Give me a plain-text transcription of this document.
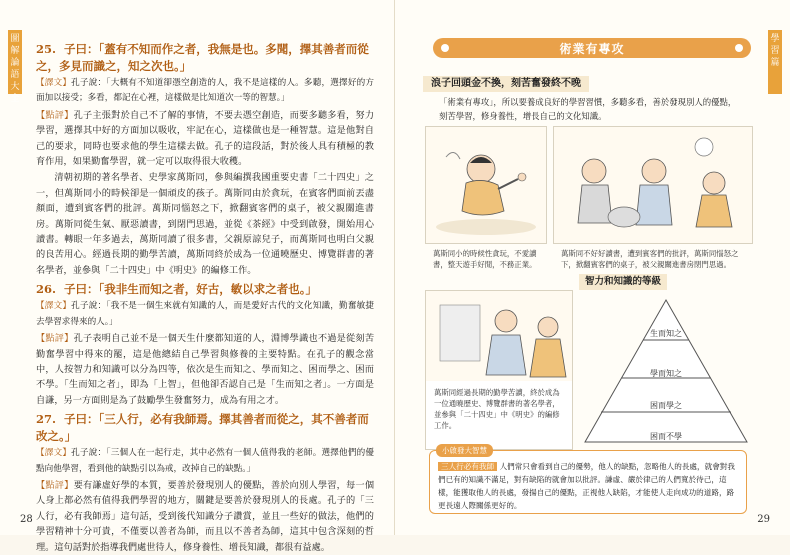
圖
解
論
語
大
全
25. 子曰：「蓋有不知而作之者，我無是也。多聞，擇其善者而從之，多見而識之，知之次也。」
【譯文】孔子說：「大概有不知道卻憑空創造的人，我不是這樣的人。多聽，選擇好的方面加以接受；多看，都記在心裡，這樣做是比知道次一等的智慧。」
【點評】孔子主張對於自己不了解的事情，不要去憑空創造，而要多聽多看，努力學習，選擇其中好的方面加以吸收，牢記在心，這樣做也是一種智慧。這是他對自己的要求，同時也要求他的學生這樣去做。孔子的這段話，對於後人具有積極的教育作用，如果勤奮學習，就一定可以取得很大收穫。
清朝初期的著名學者、史學家萬斯同，參與編撰我國重要史書「二十四史」之一，但萬斯同小的時候卻是一個頑皮的孩子。萬斯同由於貪玩，在賓客們面前丟盡顏面，遭到賓客們的批評。萬斯同惱怒之下，掀翻賓客們的桌子，被父親關進書房。萬斯同從生氣、厭惡讀書，到閉門思過，並從《茶經》中受到啟發，開始用心讀書。轉眼一年多過去，萬斯同讀了很多書，父親原諒兒子，而萬斯同也明白父親的良苦用心。經過長期的勤學苦讀，萬斯同終於成為一位通曉歷史、博覽群書的著名學者，並參與「二十四史」中《明史》的編修工作。
26. 子曰：「我非生而知之者，好古，敏以求之者也。」
【譯文】孔子說：「我不是一個生來就有知識的人，而是愛好古代的文化知識，勤奮敏捷去學習求得來的人。」
【點評】孔子表明自己並不是一個天生什麼都知道的人，淵博學識也不過是從刻苦勤奮學習中得來的罷，這是他總結自己學習與修養的主要特點。在孔子的觀念當中，人按智力和知識可以分為四等，依次是生而知之、學而知之、困而學之、困而不學。「生而知之者」，即為「上智」，但他卻否認自己是「生而知之者」。一方面是自謙，另一方面則是為了鼓勵學生發奮努力，成為有用之才。
27. 子曰：「三人行，必有我師焉。擇其善者而從之，其不善者而改之。」
【譯文】孔子說：「三個人在一起行走，其中必然有一個人值得我的老師。選擇他們的優點向他學習，看到他的缺點引以為戒，改掉自己的缺點。」
【點評】要有謙虛好學的本質，要善於發現別人的優點，善於向別人學習，每一個人身上都必然有值得我們學習的地方，關鍵是要善於發現別人的長處。孔子的「三人行，必有我師焉」這句話，受到後代知識分子讚賞，並且一些好的做法，他們的學習精神十分可貴，不僅要以善者為師，而且以不善者為師，這其中包含深刻的哲理。這句話對於指導我們處世待人，修身養性、增長知識，都很有益處。
28
學
習
篇
術業有專攻
浪子回頭金不換，刻苦奮發終不晚
「術業有專攻」，所以要養成良好的學習習慣，多聽多看，善於發現別人的優點，刻苦學習，修身養性，增長自己的文化知識。
萬斯同小的時候性貪玩，不愛讀書，整天遊手好閒，不務正業。
萬斯同不好好讀書，遭到賓客們的批評，萬斯同惱怒之下，掀翻賓客們的桌子，被父親關進書房閉門思過。
萬斯同經過長期的勤學苦讀，終於成為一位通曉歷史、博覽群書的著名學者，並參與「二十四史」中《明史》的編修工作。
智力和知識的等級
生而知之
學而知之
困而學之
困而不學
小啟發大智慧
三人行必有我師 人們常只會看到自己的優勢，他人的缺點，忽略他人的長處，就會對我們已有的知識不滿足，對有缺陷的就會加以批評。謙虛、嚴於律己的人們寬於待己，這樣，能獲取他人的長處，發揚自己的優點，正視他人缺陷，才能使人走向成功的道路，路更長遠人際關係更好的。
29
